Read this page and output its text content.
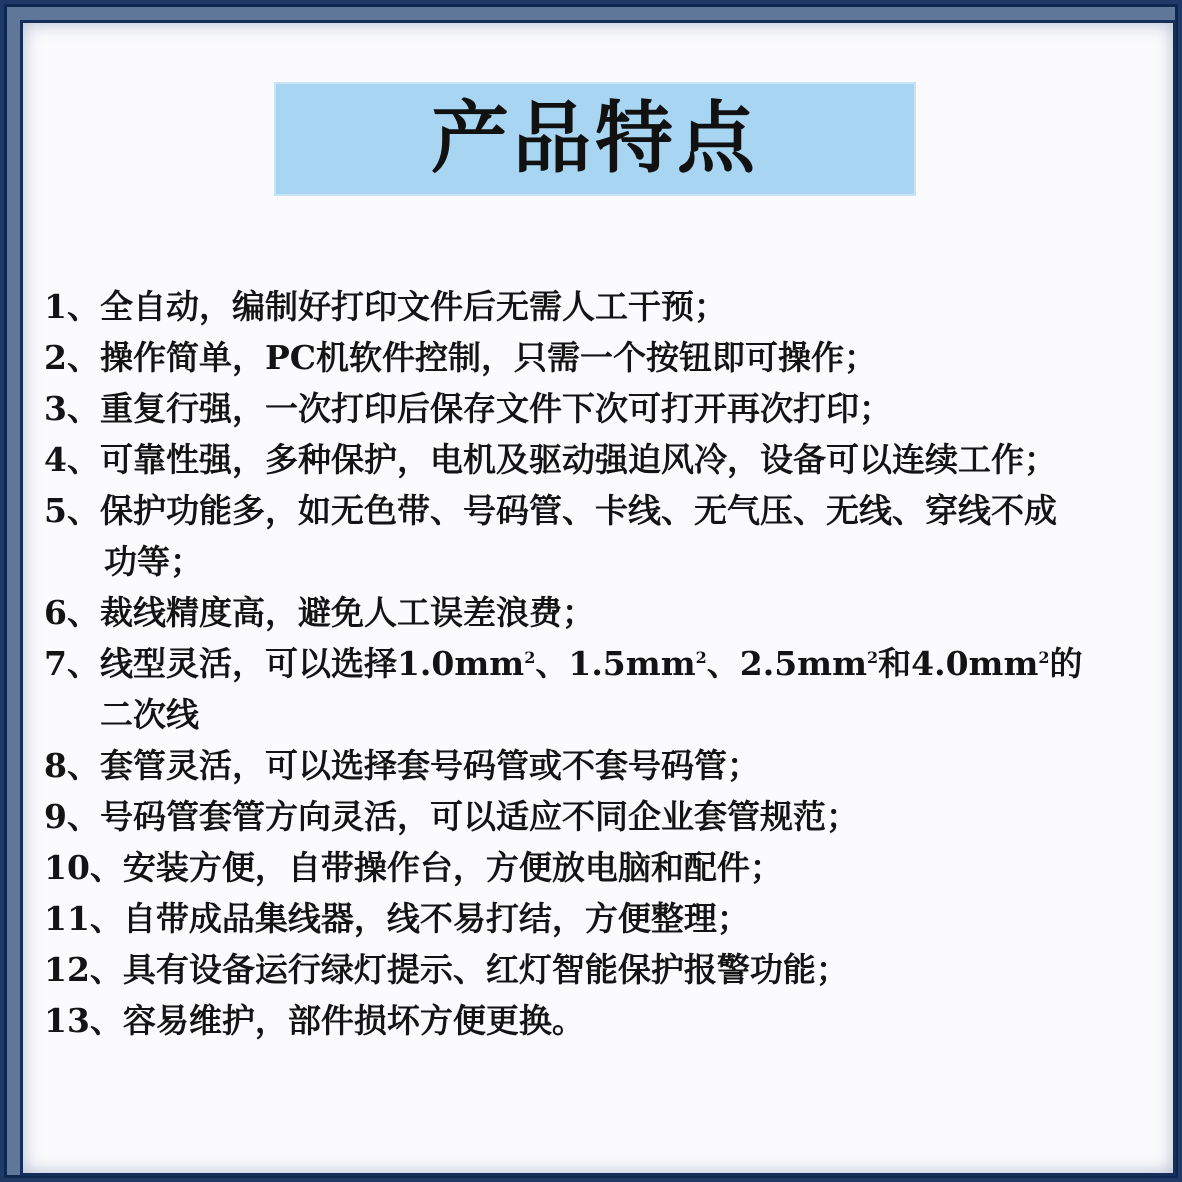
产品特点
1、全自动，编制好打印文件后无需人工干预；
2、操作简单，PC机软件控制，只需一个按钮即可操作；
3、重复行强，一次打印后保存文件下次可打开再次打印；
4、可靠性强，多种保护，电机及驱动强迫风冷，设备可以连续工作；
5、保护功能多，如无色带、号码管、卡线、无气压、无线、穿线不成
功等；
6、裁线精度高，避免人工误差浪费；
7、线型灵活，可以选择$1.0mm^2$、$1.5mm^2$、$2.5mm^2$和$4.0mm^2$的
二次线
8、套管灵活，可以选择套号码管或不套号码管；
9、号码管套管方向灵活，可以适应不同企业套管规范；
10、安装方便，自带操作台，方便放电脑和配件；
11、自带成品集线器，线不易打结，方便整理；
12、具有设备运行绿灯提示、红灯智能保护报警功能；
13、容易维护，部件损坏方便更换。
